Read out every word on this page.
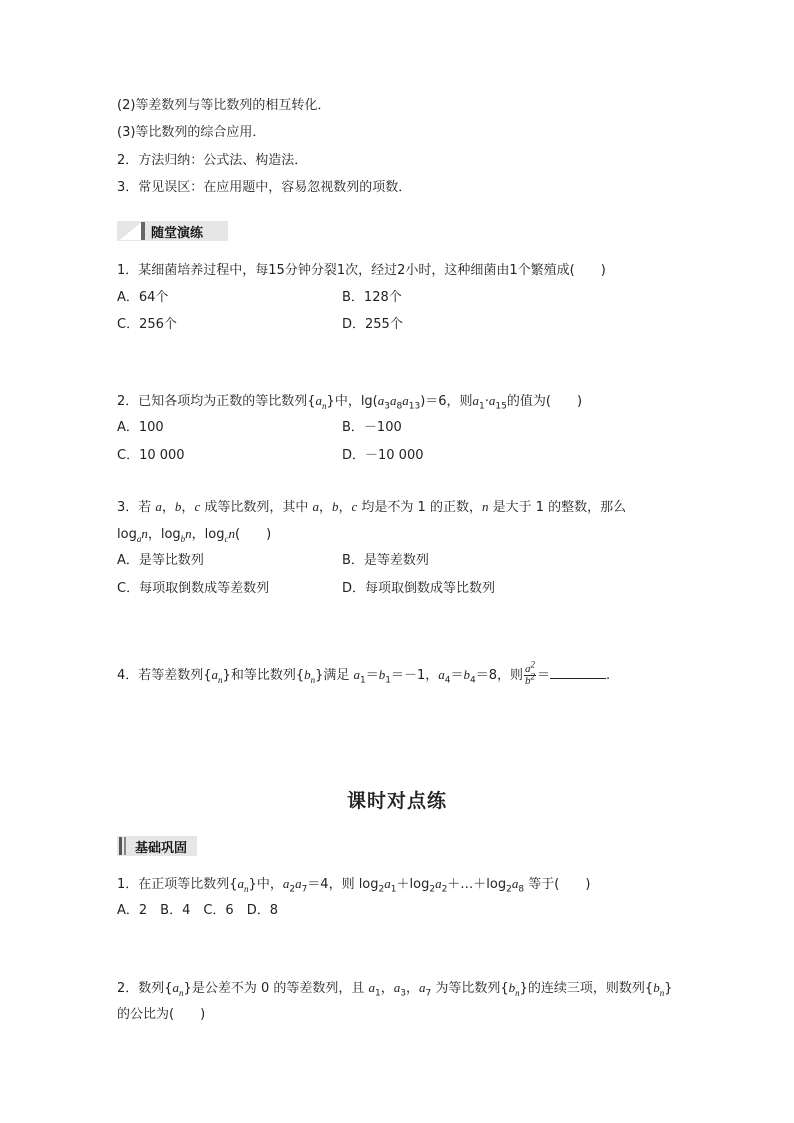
(2)等差数列与等比数列的相互转化．
(3)等比数列的综合应用．
2．方法归纳：公式法、构造法．
3．常见误区：在应用题中，容易忽视数列的项数．
随堂演练
1．某细菌培养过程中，每15分钟分裂1次，经过2小时，这种细菌由1个繁殖成( )
A．64个	B．128个
C．256个	D．255个
2．已知各项均为正数的等比数列$\{a_n\}$中，$\lg(a_3a_8a_{13})=6$，则$a_1\cdot a_{15}$的值为( )
A．100	B．－100
C．10 000	D．－10 000
3．若 a，b，c 成等比数列，其中 a，b，c 均是不为 1 的正数，n 是大于 1 的整数，那么
$\log_an$，$\log_bn$，$\log_cn$( )
A．是等比数列	B．是等差数列
C．每项取倒数成等差数列	D．每项取倒数成等比数列
4．若等差数列$\{a_n\}$和等比数列$\{b_n\}$满足 $a_1=b_1=-1$，$a_4=b_4=8$，则 $\frac{a^2}{b^2}$ ＝	.
课时对点练
基础巩固
1．在正项等比数列$\{a_n\}$中，$a_2a_7=4$，则 $\log_2a_1+\log_2a_2+\dots+\log_2a_8$ 等于( )
A．2　B．4　C．6　D．8
2．数列$\{a_n\}$是公差不为 0 的等差数列，且 $a_1$，$a_3$，$a_7$ 为等比数列$\{b_n\}$的连续三项，则数列$\{b_n\}$
的公比为( )
